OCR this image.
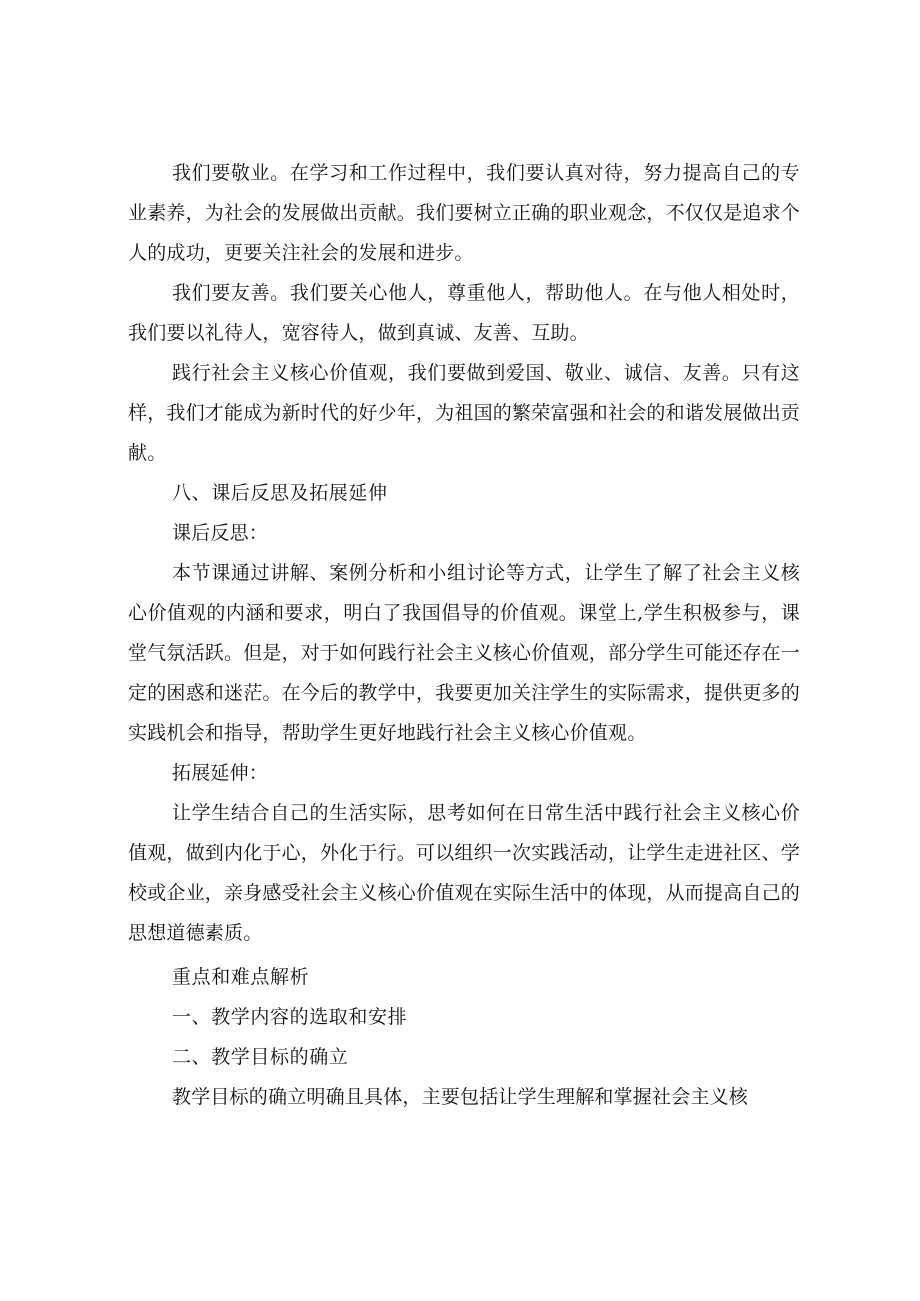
我们要敬业。在学习和工作过程中，我们要认真对待，努力提高自己的专业素养，为社会的发展做出贡献。我们要树立正确的职业观念，不仅仅是追求个人的成功，更要关注社会的发展和进步。

我们要友善。我们要关心他人，尊重他人，帮助他人。在与他人相处时，我们要以礼待人，宽容待人，做到真诚、友善、互助。

践行社会主义核心价值观，我们要做到爱国、敬业、诚信、友善。只有这样，我们才能成为新时代的好少年，为祖国的繁荣富强和社会的和谐发展做出贡献。

八、课后反思及拓展延伸

课后反思：

本节课通过讲解、案例分析和小组讨论等方式，让学生了解了社会主义核心价值观的内涵和要求，明白了我国倡导的价值观。课堂上,学生积极参与，课堂气氛活跃。但是，对于如何践行社会主义核心价值观，部分学生可能还存在一定的困惑和迷茫。在今后的教学中，我要更加关注学生的实际需求，提供更多的实践机会和指导，帮助学生更好地践行社会主义核心价值观。

拓展延伸：

让学生结合自己的生活实际，思考如何在日常生活中践行社会主义核心价值观，做到内化于心，外化于行。可以组织一次实践活动，让学生走进社区、学校或企业，亲身感受社会主义核心价值观在实际生活中的体现，从而提高自己的思想道德素质。

重点和难点解析

一、教学内容的选取和安排

二、教学目标的确立

教学目标的确立明确且具体，主要包括让学生理解和掌握社会主义核
